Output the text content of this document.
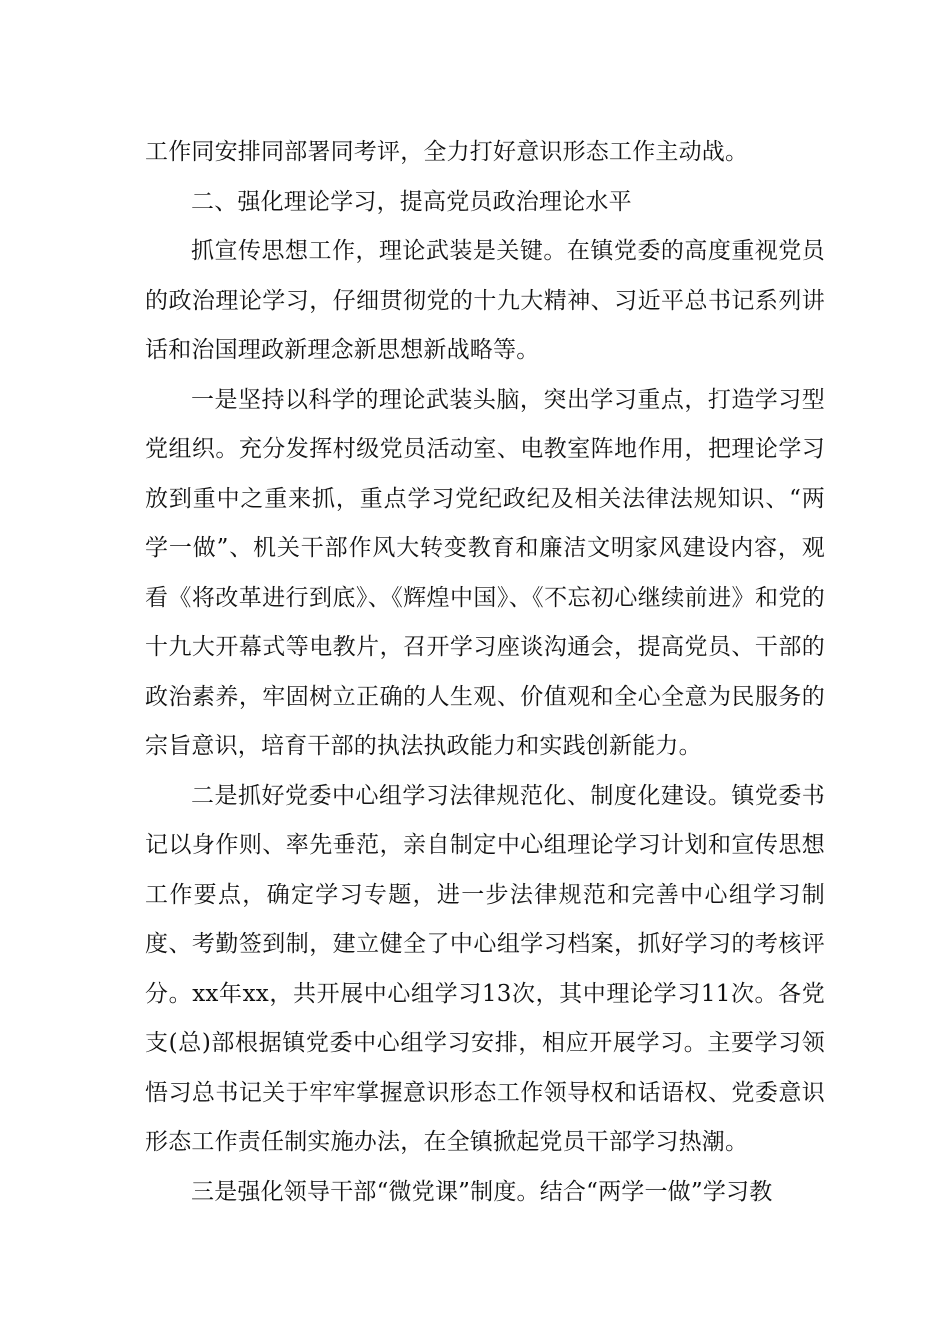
工作同安排同部署同考评，全力打好意识形态工作主动战。

二、强化理论学习，提高党员政治理论水平

抓宣传思想工作，理论武装是关键。在镇党委的高度重视党员的政治理论学习，仔细贯彻党的十九大精神、习近平总书记系列讲话和治国理政新理念新思想新战略等。

一是坚持以科学的理论武装头脑，突出学习重点，打造学习型党组织。充分发挥村级党员活动室、电教室阵地作用，把理论学习放到重中之重来抓，重点学习党纪政纪及相关法律法规知识、“两学一做”、机关干部作风大转变教育和廉洁文明家风建设内容，观看《将改革进行到底》、《辉煌中国》、《不忘初心继续前进》和党的十九大开幕式等电教片，召开学习座谈沟通会，提高党员、干部的政治素养，牢固树立正确的人生观、价值观和全心全意为民服务的宗旨意识，培育干部的执法执政能力和实践创新能力。

二是抓好党委中心组学习法律规范化、制度化建设。镇党委书记以身作则、率先垂范，亲自制定中心组理论学习计划和宣传思想工作要点，确定学习专题，进一步法律规范和完善中心组学习制度、考勤签到制，建立健全了中心组学习档案，抓好学习的考核评分。xx年xx，共开展中心组学习13次，其中理论学习11次。各党支(总)部根据镇党委中心组学习安排，相应开展学习。主要学习领悟习总书记关于牢牢掌握意识形态工作领导权和话语权、党委意识形态工作责任制实施办法，在全镇掀起党员干部学习热潮。

三是强化领导干部“微党课”制度。结合“两学一做”学习教
